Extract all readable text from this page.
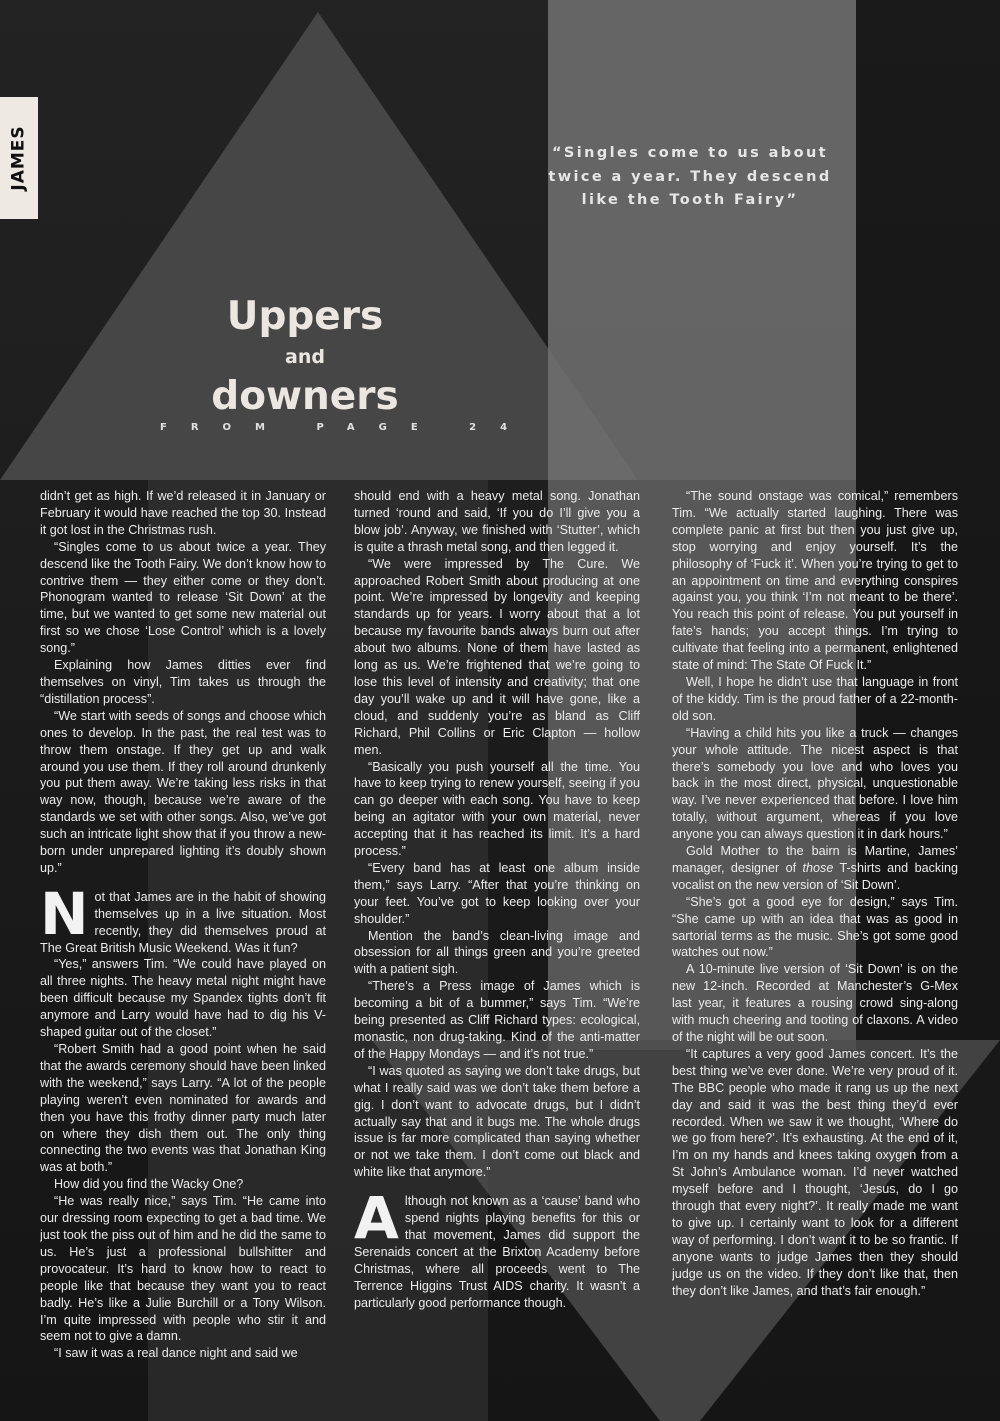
JAMES	“Singles come to us about twice a year. They descend like the Tooth Fairy”
Uppers
and
downers
FROM PAGE 24

didn’t get as high. If we’d released it in January or February it would have reached the top 30. Instead it got lost in the Christmas rush.

“Singles come to us about twice a year. They descend like the Tooth Fairy. We don’t know how to contrive them — they either come or they don’t. Phonogram wanted to release ‘Sit Down’ at the time, but we wanted to get some new material out first so we chose ‘Lose Control’ which is a lovely song.”

Explaining how James ditties ever find themselves on vinyl, Tim takes us through the “distillation process”.

“We start with seeds of songs and choose which ones to develop. In the past, the real test was to throw them onstage. If they get up and walk around you use them. If they roll around drunkenly you put them away. We’re taking less risks in that way now, though, because we’re aware of the standards we set with other songs. Also, we’ve got such an intricate light show that if you throw a new-born under unprepared lighting it’s doubly shown up.”

Not that James are in the habit of showing themselves up in a live situation. Most recently, they did themselves proud at The Great British Music Weekend. Was it fun?

“Yes,” answers Tim. “We could have played on all three nights. The heavy metal night might have been difficult because my Spandex tights don’t fit anymore and Larry would have had to dig his V-shaped guitar out of the closet.”

“Robert Smith had a good point when he said that the awards ceremony should have been linked with the weekend,” says Larry. “A lot of the people playing weren’t even nominated for awards and then you have this frothy dinner party much later on where they dish them out. The only thing connecting the two events was that Jonathan King was at both.”

How did you find the Wacky One?

“He was really nice,” says Tim. “He came into our dressing room expecting to get a bad time. We just took the piss out of him and he did the same to us. He’s just a professional bullshitter and provocateur. It’s hard to know how to react to people like that because they want you to react badly. He’s like a Julie Burchill or a Tony Wilson. I’m quite impressed with people who stir it and seem not to give a damn.

“I saw it was a real dance night and said we

should end with a heavy metal song. Jonathan turned ‘round and said, ‘If you do I’ll give you a blow job’. Anyway, we finished with ‘Stutter’, which is quite a thrash metal song, and then legged it.

“We were impressed by The Cure. We approached Robert Smith about producing at one point. We’re impressed by longevity and keeping standards up for years. I worry about that a lot because my favourite bands always burn out after about two albums. None of them have lasted as long as us. We’re frightened that we’re going to lose this level of intensity and creativity; that one day you’ll wake up and it will have gone, like a cloud, and suddenly you’re as bland as Cliff Richard, Phil Collins or Eric Clapton — hollow men.

“Basically you push yourself all the time. You have to keep trying to renew yourself, seeing if you can go deeper with each song. You have to keep being an agitator with your own material, never accepting that it has reached its limit. It’s a hard process.”

“Every band has at least one album inside them,” says Larry. “After that you’re thinking on your feet. You’ve got to keep looking over your shoulder.”

Mention the band’s clean-living image and obsession for all things green and you’re greeted with a patient sigh.

“There’s a Press image of James which is becoming a bit of a bummer,” says Tim. “We’re being presented as Cliff Richard types: ecological, monastic, non drug-taking. Kind of the anti-matter of the Happy Mondays — and it’s not true.”

“I was quoted as saying we don’t take drugs, but what I really said was we don’t take them before a gig. I don’t want to advocate drugs, but I didn’t actually say that and it bugs me. The whole drugs issue is far more complicated than saying whether or not we take them. I don’t come out black and white like that anymore.”

Although not known as a ‘cause’ band who spend nights playing benefits for this or that movement, James did support the Serenaids concert at the Brixton Academy before Christmas, where all proceeds went to The Terrence Higgins Trust AIDS charity. It wasn’t a particularly good performance though.

“The sound onstage was comical,” remembers Tim. “We actually started laughing. There was complete panic at first but then you just give up, stop worrying and enjoy yourself. It’s the philosophy of ‘Fuck it’. When you’re trying to get to an appointment on time and everything conspires against you, you think ‘I’m not meant to be there’. You reach this point of release. You put yourself in fate’s hands; you accept things. I’m trying to cultivate that feeling into a permanent, enlightened state of mind: The State Of Fuck It.”

Well, I hope he didn’t use that language in front of the kiddy. Tim is the proud father of a 22-month-old son.

“Having a child hits you like a truck — changes your whole attitude. The nicest aspect is that there’s somebody you love and who loves you back in the most direct, physical, unquestionable way. I’ve never experienced that before. I love him totally, without argument, whereas if you love anyone you can always question it in dark hours.”

Gold Mother to the bairn is Martine, James’ manager, designer of those T-shirts and backing vocalist on the new version of ‘Sit Down’.

“She’s got a good eye for design,” says Tim. “She came up with an idea that was as good in sartorial terms as the music. She’s got some good watches out now.”

A 10-minute live version of ‘Sit Down’ is on the new 12-inch. Recorded at Manchester’s G-Mex last year, it features a rousing crowd sing-along with much cheering and tooting of claxons. A video of the night will be out soon.

“It captures a very good James concert. It’s the best thing we’ve ever done. We’re very proud of it. The BBC people who made it rang us up the next day and said it was the best thing they’d ever recorded. When we saw it we thought, ‘Where do we go from here?’. It’s exhausting. At the end of it, I’m on my hands and knees taking oxygen from a St John’s Ambulance woman. I’d never watched myself before and I thought, ‘Jesus, do I go through that every night?’. It really made me want to give up. I certainly want to look for a different way of performing. I don’t want it to be so frantic. If anyone wants to judge James then they should judge us on the video. If they don’t like that, then they don’t like James, and that’s fair enough.”
